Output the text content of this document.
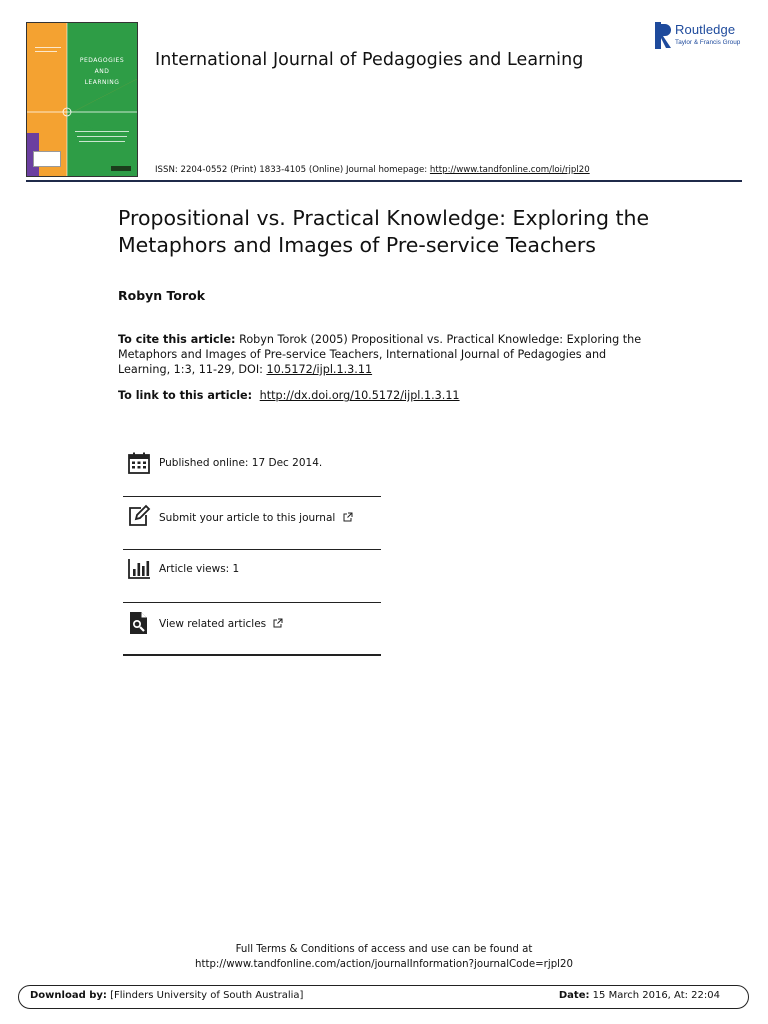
PEDAGOGIES
AND
LEARNING
International Journal of Pedagogies and Learning
ISSN: 2204-0552 (Print) 1833-4105 (Online) Journal homepage: http://www.tandfonline.com/loi/rjpl20
Routledge
Taylor & Francis Group
Propositional vs. Practical Knowledge: Exploring the Metaphors and Images of Pre-service Teachers
Robyn Torok
To cite this article: Robyn Torok (2005) Propositional vs. Practical Knowledge: Exploring the Metaphors and Images of Pre-service Teachers, International Journal of Pedagogies and Learning, 1:3, 11-29, DOI: 10.5172/ijpl.1.3.11
To link to this article: http://dx.doi.org/10.5172/ijpl.1.3.11
Published online: 17 Dec 2014.
Submit your article to this journal
Article views: 1
View related articles
Full Terms & Conditions of access and use can be found at
http://www.tandfonline.com/action/journalInformation?journalCode=rjpl20
Download by: [Flinders University of South Australia]	Date: 15 March 2016, At: 22:04
